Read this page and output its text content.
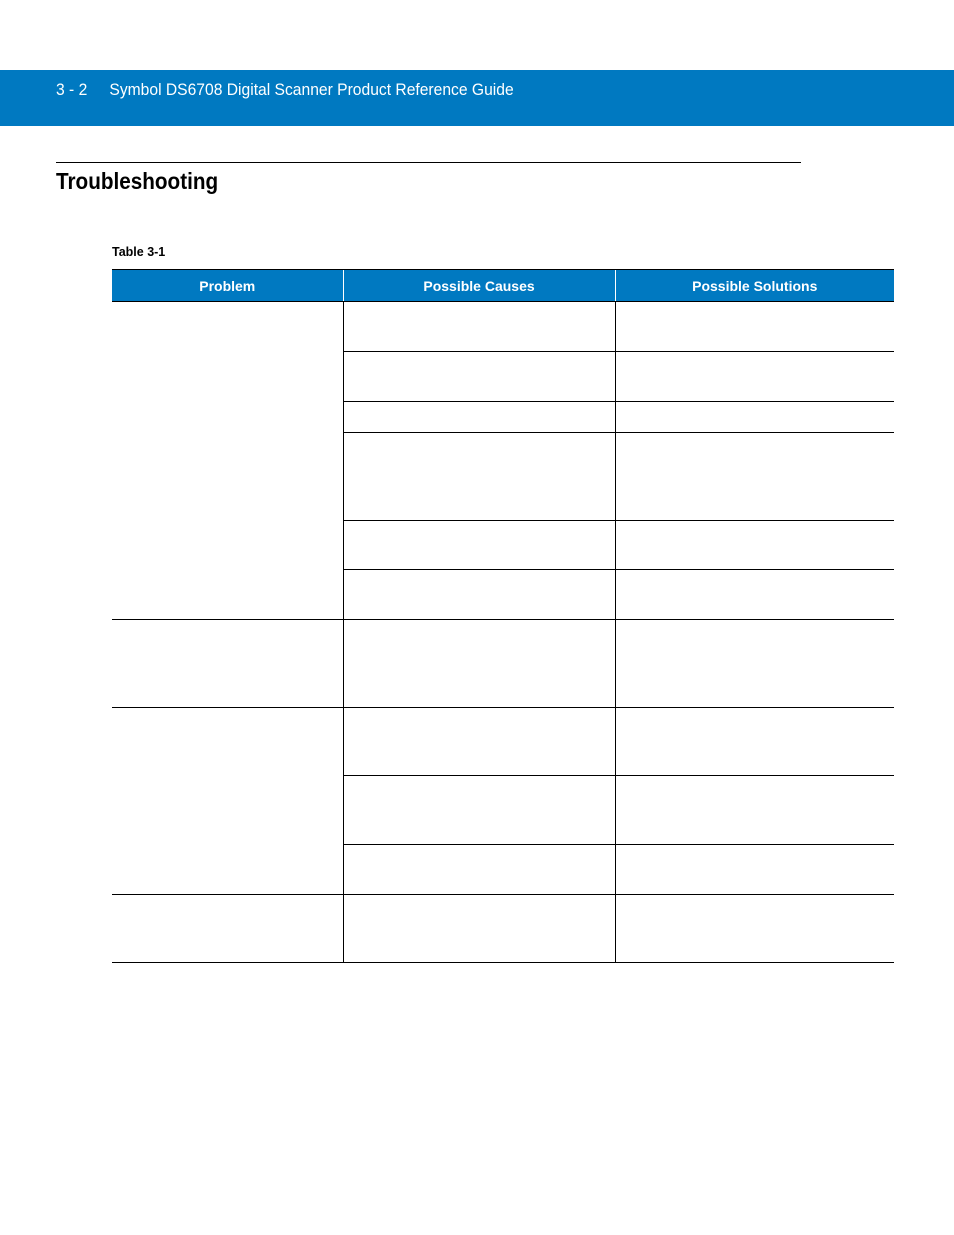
3 - 2 Symbol DS6708 Digital Scanner Product Reference Guide
Troubleshooting
Table 3-1
Problem	Possible Causes	Possible Solutions
